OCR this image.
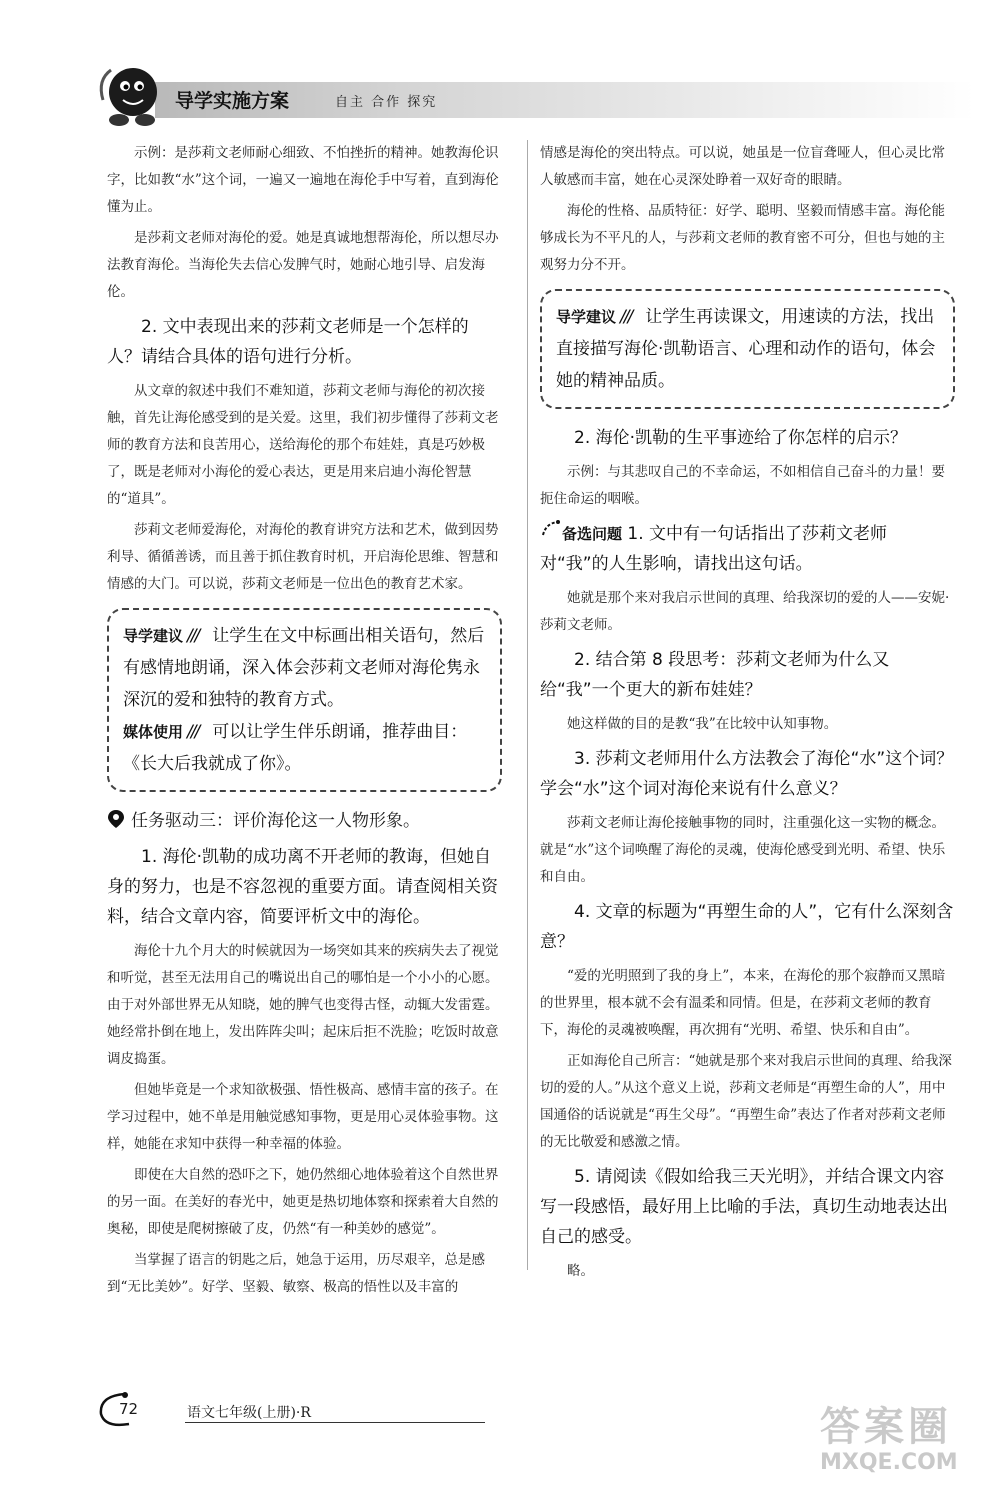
导学实施方案	自主 合作 探究

示例：是莎莉文老师耐心细致、不怕挫折的精神。她教海伦识字，比如教“水”这个词，一遍又一遍地在海伦手中写着，直到海伦懂为止。

是莎莉文老师对海伦的爱。她是真诚地想帮海伦，所以想尽办法教育海伦。当海伦失去信心发脾气时，她耐心地引导、启发海伦。

2. 文中表现出来的莎莉文老师是一个怎样的人？请结合具体的语句进行分析。

从文章的叙述中我们不难知道，莎莉文老师与海伦的初次接触，首先让海伦感受到的是关爱。这里，我们初步懂得了莎莉文老师的教育方法和良苦用心，送给海伦的那个布娃娃，真是巧妙极了，既是老师对小海伦的爱心表达，更是用来启迪小海伦智慧的“道具”。

莎莉文老师爱海伦，对海伦的教育讲究方法和艺术，做到因势利导、循循善诱，而且善于抓住教育时机，开启海伦思维、智慧和情感的大门。可以说，莎莉文老师是一位出色的教育艺术家。

导学建议 /// 让学生在文中标画出相关语句，然后有感情地朗诵，深入体会莎莉文老师对海伦隽永深沉的爱和独特的教育方式。
媒体使用 /// 可以让学生伴乐朗诵，推荐曲目：《长大后我就成了你》。
任务驱动三：评价海伦这一人物形象。

1. 海伦·凯勒的成功离不开老师的教诲，但她自身的努力，也是不容忽视的重要方面。请查阅相关资料，结合文章内容，简要评析文中的海伦。

海伦十九个月大的时候就因为一场突如其来的疾病失去了视觉和听觉，甚至无法用自己的嘴说出自己的哪怕是一个小小的心愿。由于对外部世界无从知晓，她的脾气也变得古怪，动辄大发雷霆。她经常扑倒在地上，发出阵阵尖叫；起床后拒不洗脸；吃饭时故意调皮捣蛋。

但她毕竟是一个求知欲极强、悟性极高、感情丰富的孩子。在学习过程中，她不单是用触觉感知事物，更是用心灵体验事物。这样，她能在求知中获得一种幸福的体验。

即使在大自然的恐吓之下，她仍然细心地体验着这个自然世界的另一面。在美好的春光中，她更是热切地体察和探索着大自然的奥秘，即使是爬树擦破了皮，仍然“有一种美妙的感觉”。

当掌握了语言的钥匙之后，她急于运用，历尽艰辛，总是感到“无比美妙”。好学、坚毅、敏察、极高的悟性以及丰富的

情感是海伦的突出特点。可以说，她虽是一位盲聋哑人，但心灵比常人敏感而丰富，她在心灵深处睁着一双好奇的眼睛。

海伦的性格、品质特征：好学、聪明、坚毅而情感丰富。海伦能够成长为不平凡的人，与莎莉文老师的教育密不可分，但也与她的主观努力分不开。

导学建议 /// 让学生再读课文，用速读的方法，找出直接描写海伦·凯勒语言、心理和动作的语句，体会她的精神品质。

2. 海伦·凯勒的生平事迹给了你怎样的启示？

示例：与其悲叹自己的不幸命运，不如相信自己奋斗的力量！要扼住命运的咽喉。

备选问题 1. 文中有一句话指出了莎莉文老师对“我”的人生影响，请找出这句话。

她就是那个来对我启示世间的真理、给我深切的爱的人——安妮·莎莉文老师。

2. 结合第 8 段思考：莎莉文老师为什么又给“我”一个更大的新布娃娃？

她这样做的目的是教“我”在比较中认知事物。

3. 莎莉文老师用什么方法教会了海伦“水”这个词？学会“水”这个词对海伦来说有什么意义？

莎莉文老师让海伦接触事物的同时，注重强化这一实物的概念。就是“水”这个词唤醒了海伦的灵魂，使海伦感受到光明、希望、快乐和自由。

4. 文章的标题为“再塑生命的人”，它有什么深刻含意？

“爱的光明照到了我的身上”，本来，在海伦的那个寂静而又黑暗的世界里，根本就不会有温柔和同情。但是，在莎莉文老师的教育下，海伦的灵魂被唤醒，再次拥有“光明、希望、快乐和自由”。

正如海伦自己所言：“她就是那个来对我启示世间的真理、给我深切的爱的人。”从这个意义上说，莎莉文老师是“再塑生命的人”，用中国通俗的话说就是“再生父母”。“再塑生命”表达了作者对莎莉文老师的无比敬爱和感激之情。

5. 请阅读《假如给我三天光明》，并结合课文内容写一段感悟，最好用上比喻的手法，真切生动地表达出自己的感受。

略。

72	语文七年级(上册)·R	答案圈
MXQE.COM
